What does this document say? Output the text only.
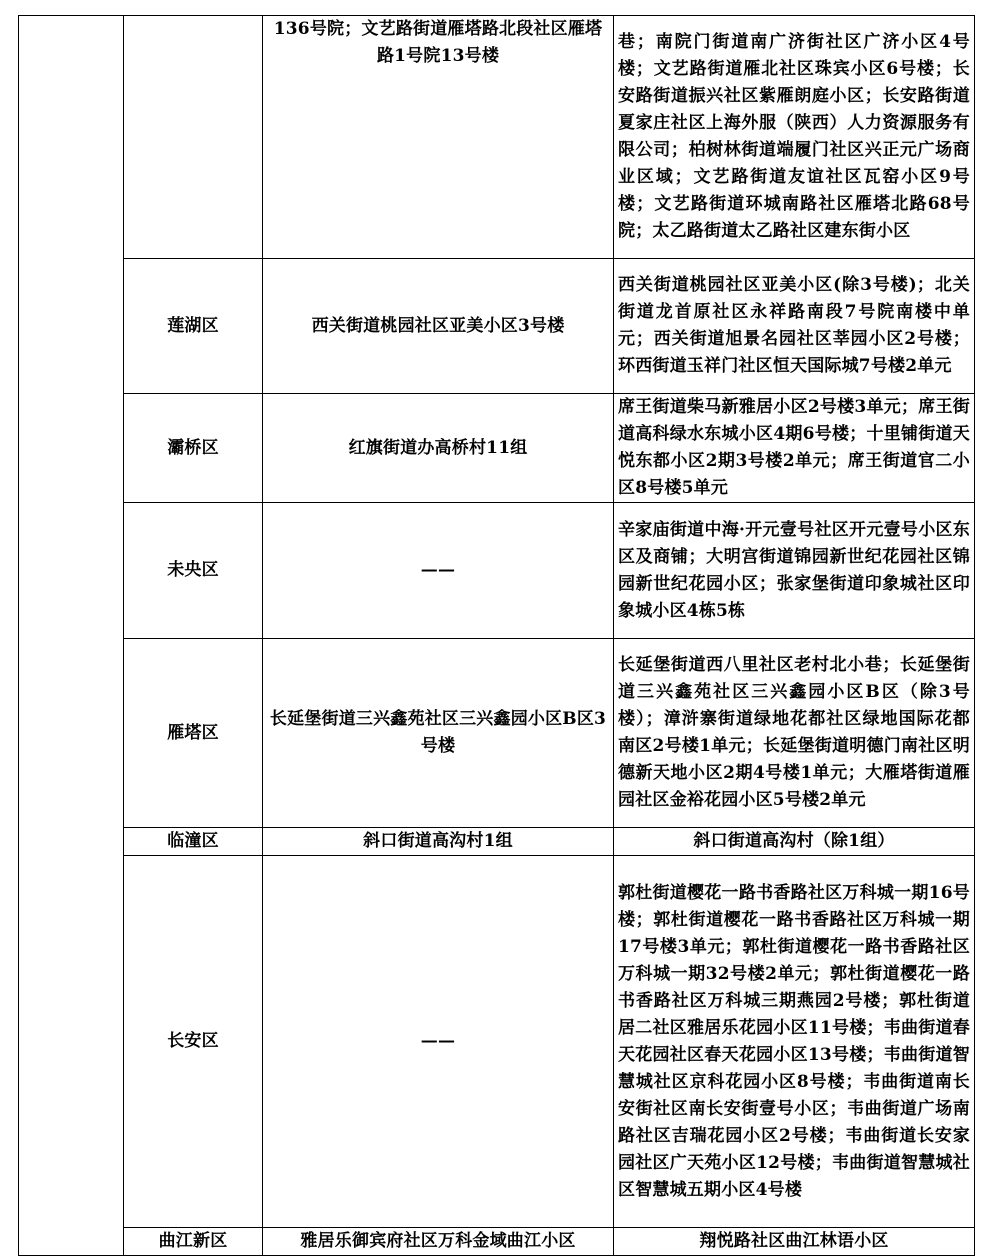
		136号院；文艺路街道雁塔路北段社区雁塔路1号院13号楼	巷；南院门街道南广济街社区广济小区4号楼；文艺路街道雁北社区珠宾小区6号楼；长安路街道振兴社区紫雁朗庭小区；长安路街道夏家庄社区上海外服（陕西）人力资源服务有限公司；柏树林街道端履门社区兴正元广场商业区域；文艺路街道友谊社区瓦窑小区9号楼；文艺路街道环城南路社区雁塔北路68号院；太乙路街道太乙路社区建东街小区
	莲湖区	西关街道桃园社区亚美小区3号楼	西关街道桃园社区亚美小区(除3号楼)；北关街道龙首原社区永祥路南段7号院南楼中单元；西关街道旭景名园社区莘园小区2号楼；环西街道玉祥门社区恒天国际城7号楼2单元
	灞桥区	红旗街道办高桥村11组	席王街道柴马新雅居小区2号楼3单元；席王街道高科绿水东城小区4期6号楼；十里铺街道天悦东都小区2期3号楼2单元；席王街道官二小区8号楼5单元
	未央区	——	辛家庙街道中海·开元壹号社区开元壹号小区东区及商铺；大明宫街道锦园新世纪花园社区锦园新世纪花园小区；张家堡街道印象城社区印象城小区4栋5栋
	雁塔区	长延堡街道三兴鑫苑社区三兴鑫园小区B区3号楼	长延堡街道西八里社区老村北小巷；长延堡街道三兴鑫苑社区三兴鑫园小区B区（除3号楼）；漳浒寨街道绿地花都社区绿地国际花都南区2号楼1单元；长延堡街道明德门南社区明德新天地小区2期4号楼1单元；大雁塔街道雁园社区金裕花园小区5号楼2单元
	临潼区	斜口街道高沟村1组	斜口街道高沟村（除1组）
	长安区	——	郭杜街道樱花一路书香路社区万科城一期16号楼；郭杜街道樱花一路书香路社区万科城一期17号楼3单元；郭杜街道樱花一路书香路社区万科城一期32号楼2单元；郭杜街道樱花一路书香路社区万科城三期燕园2号楼；郭杜街道居二社区雅居乐花园小区11号楼；韦曲街道春天花园社区春天花园小区13号楼；韦曲街道智慧城社区京科花园小区8号楼；韦曲街道南长安街社区南长安街壹号小区；韦曲街道广场南路社区吉瑞花园小区2号楼；韦曲街道长安家园社区广天苑小区12号楼；韦曲街道智慧城社区智慧城五期小区4号楼
	曲江新区	雅居乐御宾府社区万科金域曲江小区	翔悦路社区曲江林语小区
